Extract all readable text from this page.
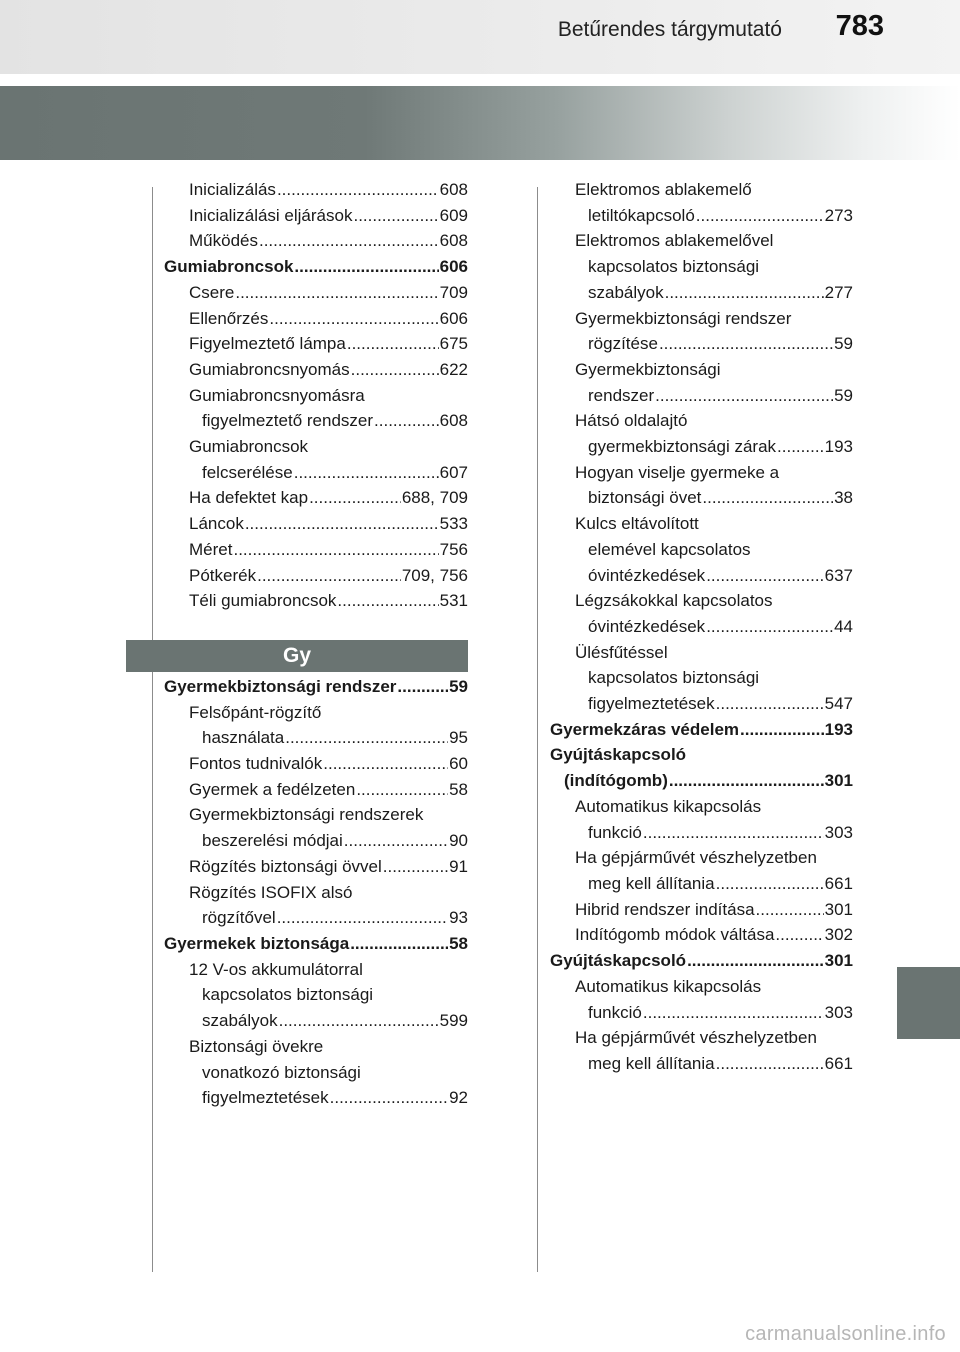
Betűrendes tárgymutató 783
Inicializálás .....	608
Inicializálási eljárások .....	609
Működés .....	608
Gumiabroncsok .....	606
Csere .....	709
Ellenőrzés .....	606
Figyelmeztető lámpa .....	675
Gumiabroncsnyomás .....	622
Gumiabroncsnyomásra
figyelmeztető rendszer .....	608
Gumiabroncsok
felcserélése .....	607
Ha defektet kap .....	688, 709
Láncok .....	533
Méret .....	756
Pótkerék .....	709, 756
Téli gumiabroncsok .....	531
Gy
Gyermekbiztonsági rendszer .....	59
Felsőpánt-rögzítő
használata .....	95
Fontos tudnivalók .....	60
Gyermek a fedélzeten .....	58
Gyermekbiztonsági rendszerek
beszerelési módjai .....	90
Rögzítés biztonsági övvel .....	91
Rögzítés ISOFIX alsó
rögzítővel .....	93
Gyermekek biztonsága .....	58
12 V-os akkumulátorral
kapcsolatos biztonsági
szabályok .....	599
Biztonsági övekre
vonatkozó biztonsági
figyelmeztetések .....	92
Elektromos ablakemelő
letiltókapcsoló .....	273
Elektromos ablakemelővel
kapcsolatos biztonsági
szabályok .....	277
Gyermekbiztonsági rendszer
rögzítése .....	59
Gyermekbiztonsági
rendszer .....	59
Hátsó oldalajtó
gyermekbiztonsági zárak .....	193
Hogyan viselje gyermeke a
biztonsági övet .....	38
Kulcs eltávolított
elemével kapcsolatos
óvintézkedések .....	637
Légzsákokkal kapcsolatos
óvintézkedések .....	44
Ülésfűtéssel
kapcsolatos biztonsági
figyelmeztetések .....	547
Gyermekzáras védelem .....	193
Gyújtáskapcsoló
(indítógomb) .....	301
Automatikus kikapcsolás
funkció .....	303
Ha gépjárművét vészhelyzetben
meg kell állítania .....	661
Hibrid rendszer indítása .....	301
Indítógomb módok váltása .....	302
Gyújtáskapcsoló .....	301
Automatikus kikapcsolás
funkció .....	303
Ha gépjárművét vészhelyzetben
meg kell állítania .....	661
carmanualsonline.info
